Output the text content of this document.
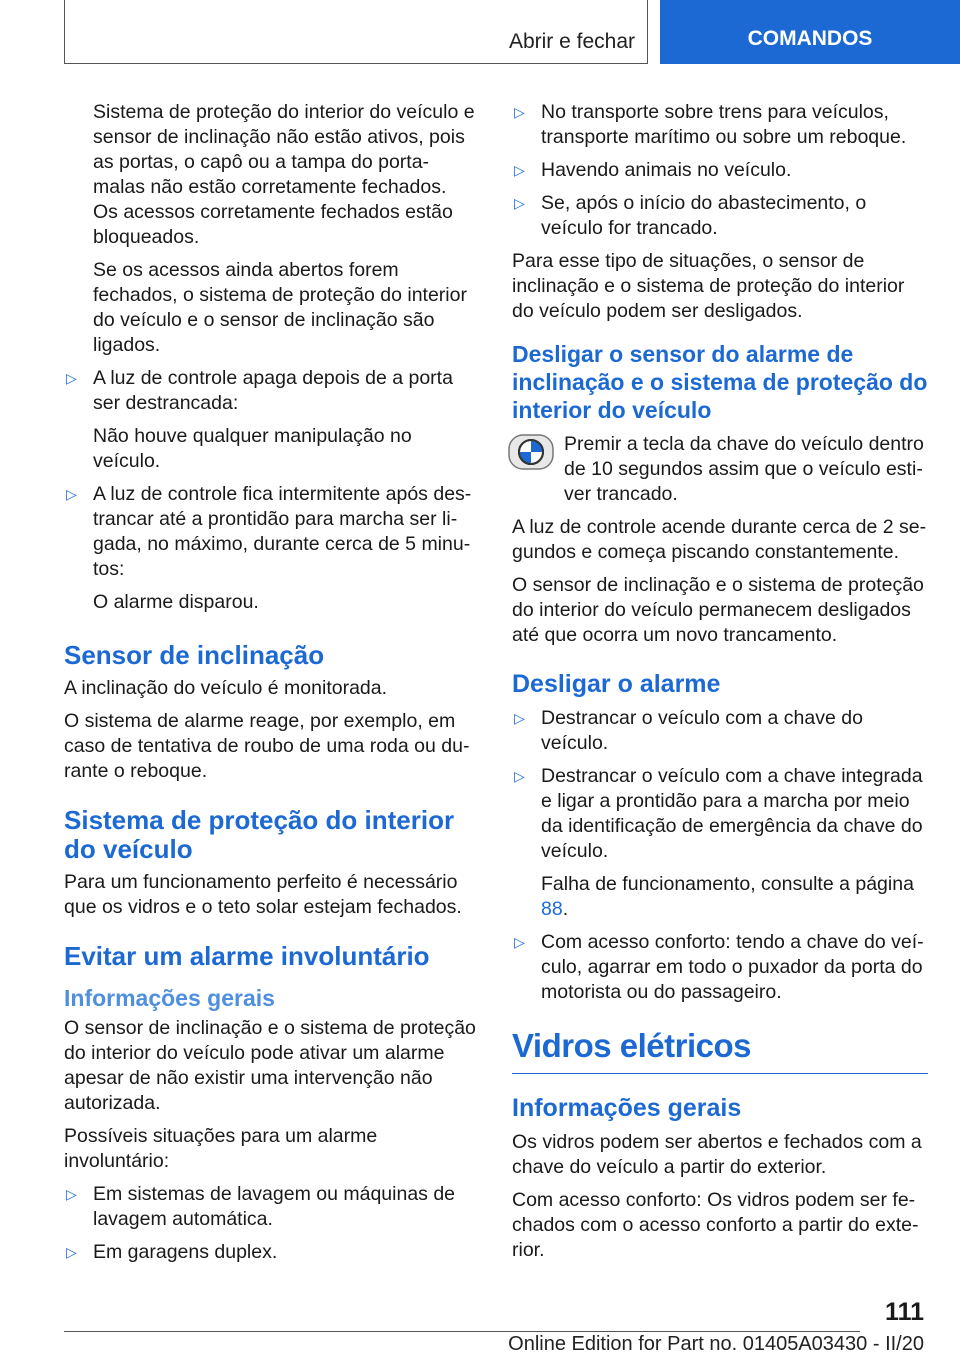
Abrir e fechar	COMANDOS

Sistema de proteção do interior do veículo e sensor de inclinação não estão ativos, pois as portas, o capô ou a tampa do porta-malas não estão corretamente fechados. Os acessos corretamente fechados estão bloqueados.

Se os acessos ainda abertos forem fechados, o sistema de proteção do interior do veículo e o sensor de inclinação são ligados.

▷ A luz de controle apaga depois de a porta ser destrancada:

Não houve qualquer manipulação no veículo.

▷ A luz de controle fica intermitente após destrancar até a prontidão para marcha ser ligada, no máximo, durante cerca de 5 minutos:

O alarme disparou.

Sensor de inclinação

A inclinação do veículo é monitorada.

O sistema de alarme reage, por exemplo, em caso de tentativa de roubo de uma roda ou durante o reboque.

Sistema de proteção do interior do veículo

Para um funcionamento perfeito é necessário que os vidros e o teto solar estejam fechados.

Evitar um alarme involuntário
Informações gerais

O sensor de inclinação e o sistema de proteção do interior do veículo pode ativar um alarme apesar de não existir uma intervenção não autorizada.

Possíveis situações para um alarme involuntário:

▷ Em sistemas de lavagem ou máquinas de lavagem automática.
▷ Em garagens duplex.
▷ No transporte sobre trens para veículos, transporte marítimo ou sobre um reboque.
▷ Havendo animais no veículo.
▷ Se, após o início do abastecimento, o veículo for trancado.

Para esse tipo de situações, o sensor de inclinação e o sistema de proteção do interior do veículo podem ser desligados.

Desligar o sensor do alarme de inclinação e o sistema de proteção do interior do veículo

Premir a tecla da chave do veículo dentro de 10 segundos assim que o veículo estiver trancado.

A luz de controle acende durante cerca de 2 segundos e começa piscando constantemente.

O sensor de inclinação e o sistema de proteção do interior do veículo permanecem desligados até que ocorra um novo trancamento.

Desligar o alarme
▷ Destrancar o veículo com a chave do veículo.
▷ Destrancar o veículo com a chave integrada e ligar a prontidão para a marcha por meio da identificação de emergência da chave do veículo.

Falha de funcionamento, consulte a página
88.

▷ Com acesso conforto: tendo a chave do veículo, agarrar em todo o puxador da porta do motorista ou do passageiro.
Vidros elétricos
Informações gerais

Os vidros podem ser abertos e fechados com a chave do veículo a partir do exterior.

Com acesso conforto: Os vidros podem ser fechados com o acesso conforto a partir do exterior.

111
Online Edition for Part no. 01405A03430 - II/20
